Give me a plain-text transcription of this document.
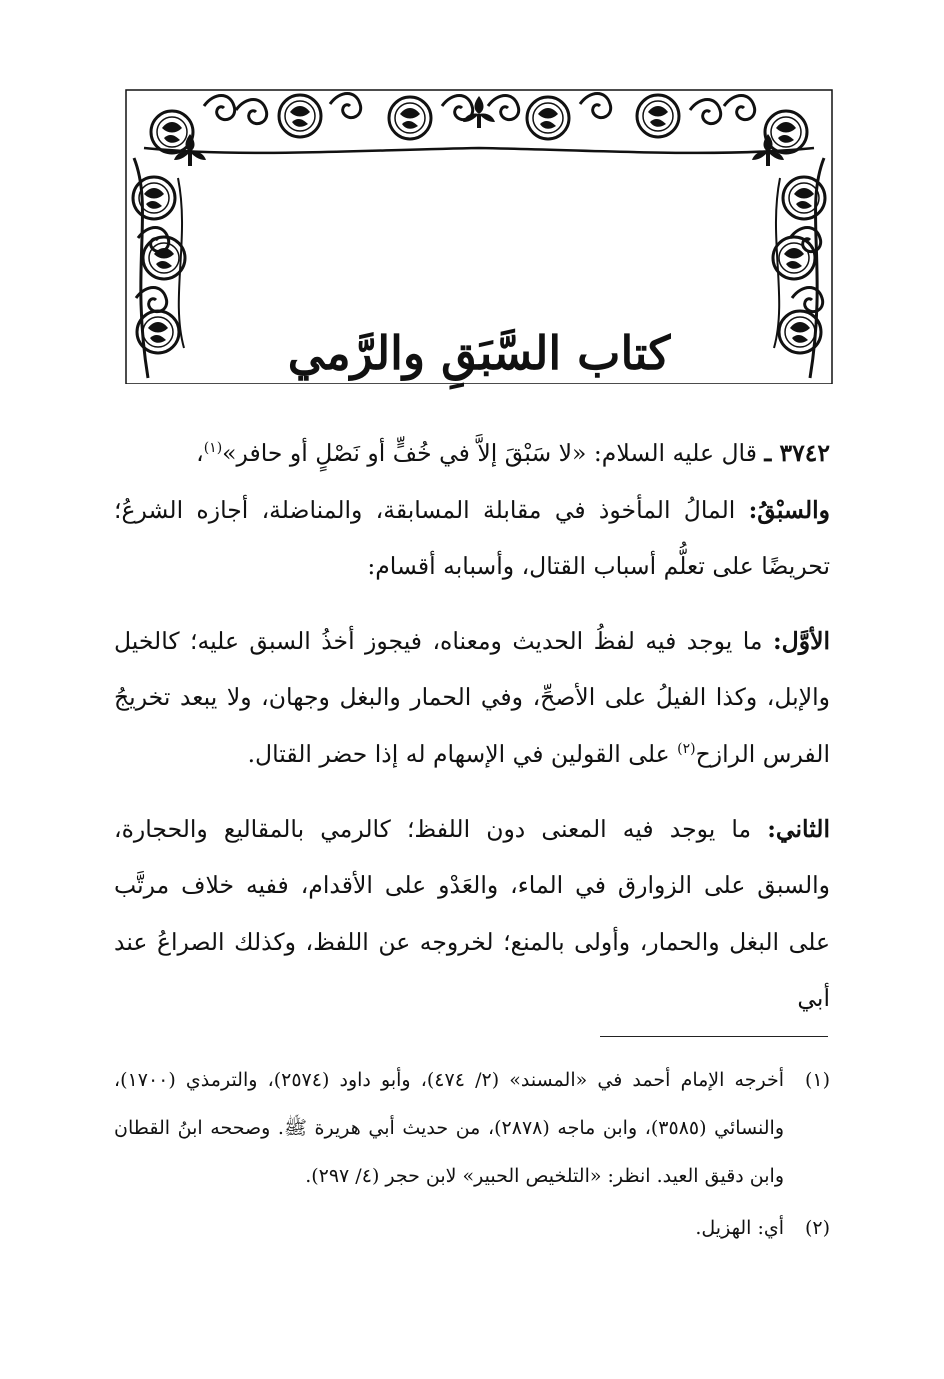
كتاب السَّبَقِ والرَّمي

٣٧٤٢ ـ قال عليه السلام: «لا سَبْقَ إلاَّ في خُفٍّ أو نَصْلٍ أو حافر»$^{(١)}$،

والسبْقُ: المالُ المأخوذ في مقابلة المسابقة، والمناضلة، أجازه الشرعُ؛ تحريضًا على تعلُّم أسباب القتال، وأسبابه أقسام:

الأوَّل: ما يوجد فيه لفظُ الحديث ومعناه، فيجوز أخذُ السبق عليه؛ كالخيل والإبل، وكذا الفيلُ على الأصحِّ، وفي الحمار والبغل وجهان، ولا يبعد تخريجُ الفرس الرازح$^{(٢)}$ على القولين في الإسهام له إذا حضر القتال.

الثاني: ما يوجد فيه المعنى دون اللفظ؛ كالرمي بالمقاليع والحجارة، والسبق على الزوارق في الماء، والعَدْو على الأقدام، ففيه خلاف مرتَّب على البغل والحمار، وأولى بالمنع؛ لخروجه عن اللفظ، وكذلك الصراعُ عند أبي

(١)
أخرجه الإمام أحمد في «المسند» (٢/ ٤٧٤)، وأبو داود (٢٥٧٤)، والترمذي (١٧٠٠)، والنسائي (٣٥٨٥)، وابن ماجه (٢٨٧٨)، من حديث أبي هريرة ﷺ. وصححه ابنُ القطان وابن دقيق العيد. انظر: «التلخيص الحبير» لابن حجر (٤/ ٢٩٧).
(٢)
أي: الهزيل.
